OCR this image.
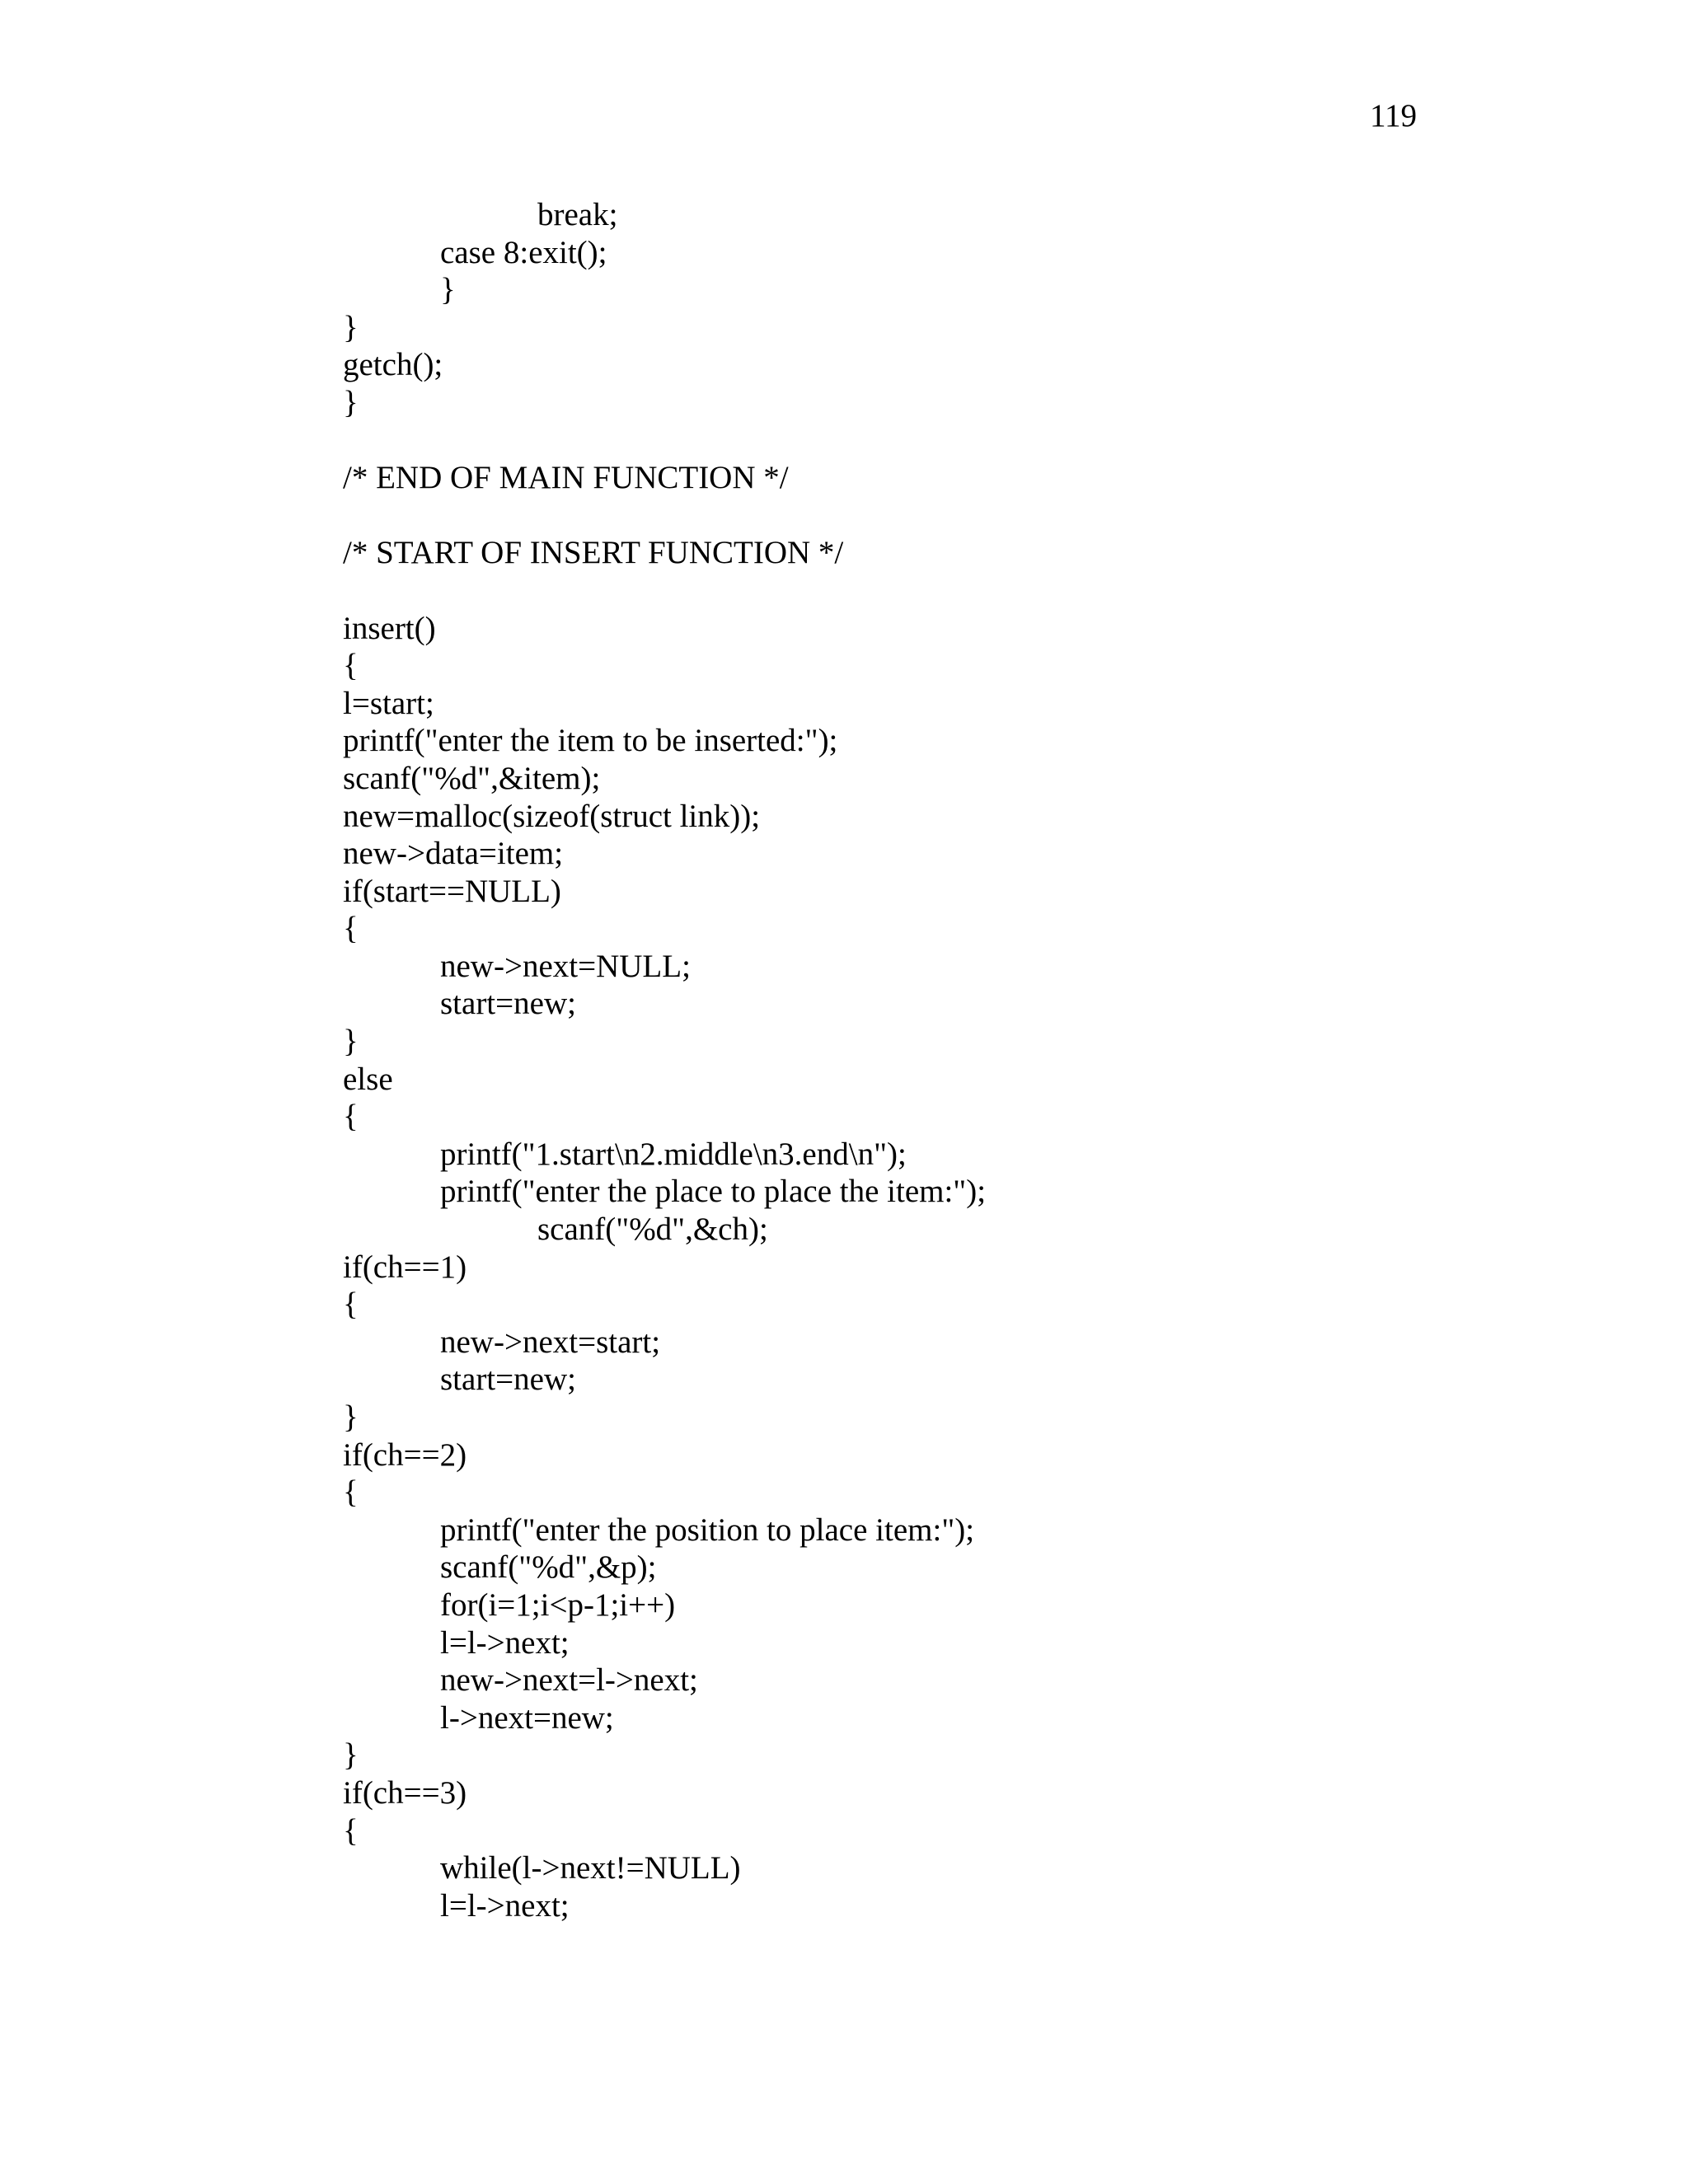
119
break;
case 8:exit();
}
}
getch();
}
/* END OF MAIN FUNCTION */
/* START OF INSERT FUNCTION */
insert()
{
l=start;
printf("enter the item to be inserted:");
scanf("%d",&item);
new=malloc(sizeof(struct link));
new->data=item;
if(start==NULL)
{
new->next=NULL;
start=new;
}
else
{
printf("1.start\n2.middle\n3.end\n");
printf("enter the place to place the item:");
scanf("%d",&ch);
if(ch==1)
{
new->next=start;
start=new;
}
if(ch==2)
{
printf("enter the position to place item:");
scanf("%d",&p);
for(i=1;i<p-1;i++)
l=l->next;
new->next=l->next;
l->next=new;
}
if(ch==3)
{
while(l->next!=NULL)
l=l->next;
